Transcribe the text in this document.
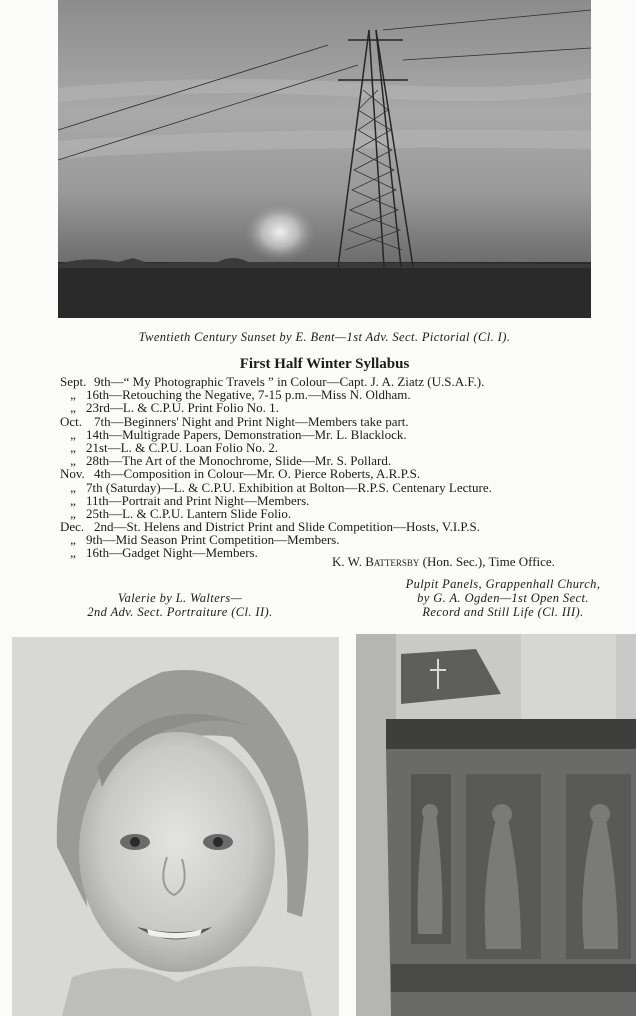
Twentieth Century Sunset by E. Bent—1st Adv. Sect. Pictorial (Cl. I).
First Half Winter Syllabus
Sept. 9th—“ My Photographic Travels ” in Colour—Capt. J. A. Ziatz (U.S.A.F.).
„ 16th—Retouching the Negative, 7-15 p.m.—Miss N. Oldham.
„ 23rd—L. & C.P.U. Print Folio No. 1.
Oct. 7th—Beginners' Night and Print Night—Members take part.
„ 14th—Multigrade Papers, Demonstration—Mr. L. Blacklock.
„ 21st—L. & C.P.U. Loan Folio No. 2.
„ 28th—The Art of the Monochrome, Slide—Mr. S. Pollard.
Nov. 4th—Composition in Colour—Mr. O. Pierce Roberts, A.R.P.S.
„ 7th (Saturday)—L. & C.P.U. Exhibition at Bolton—R.P.S. Centenary Lecture.
„ 11th—Portrait and Print Night—Members.
„ 25th—L. & C.P.U. Lantern Slide Folio.
Dec. 2nd—St. Helens and District Print and Slide Competition—Hosts, V.I.P.S.
„ 9th—Mid Season Print Competition—Members.
„ 16th—Gadget Night—Members.
K. W. Battersby (Hon. Sec.), Time Office.
Valerie by L. Walters—
2nd Adv. Sect. Portraiture (Cl. II).
Pulpit Panels, Grappenhall Church,
by G. A. Ogden—1st Open Sect.
Record and Still Life (Cl. III).
